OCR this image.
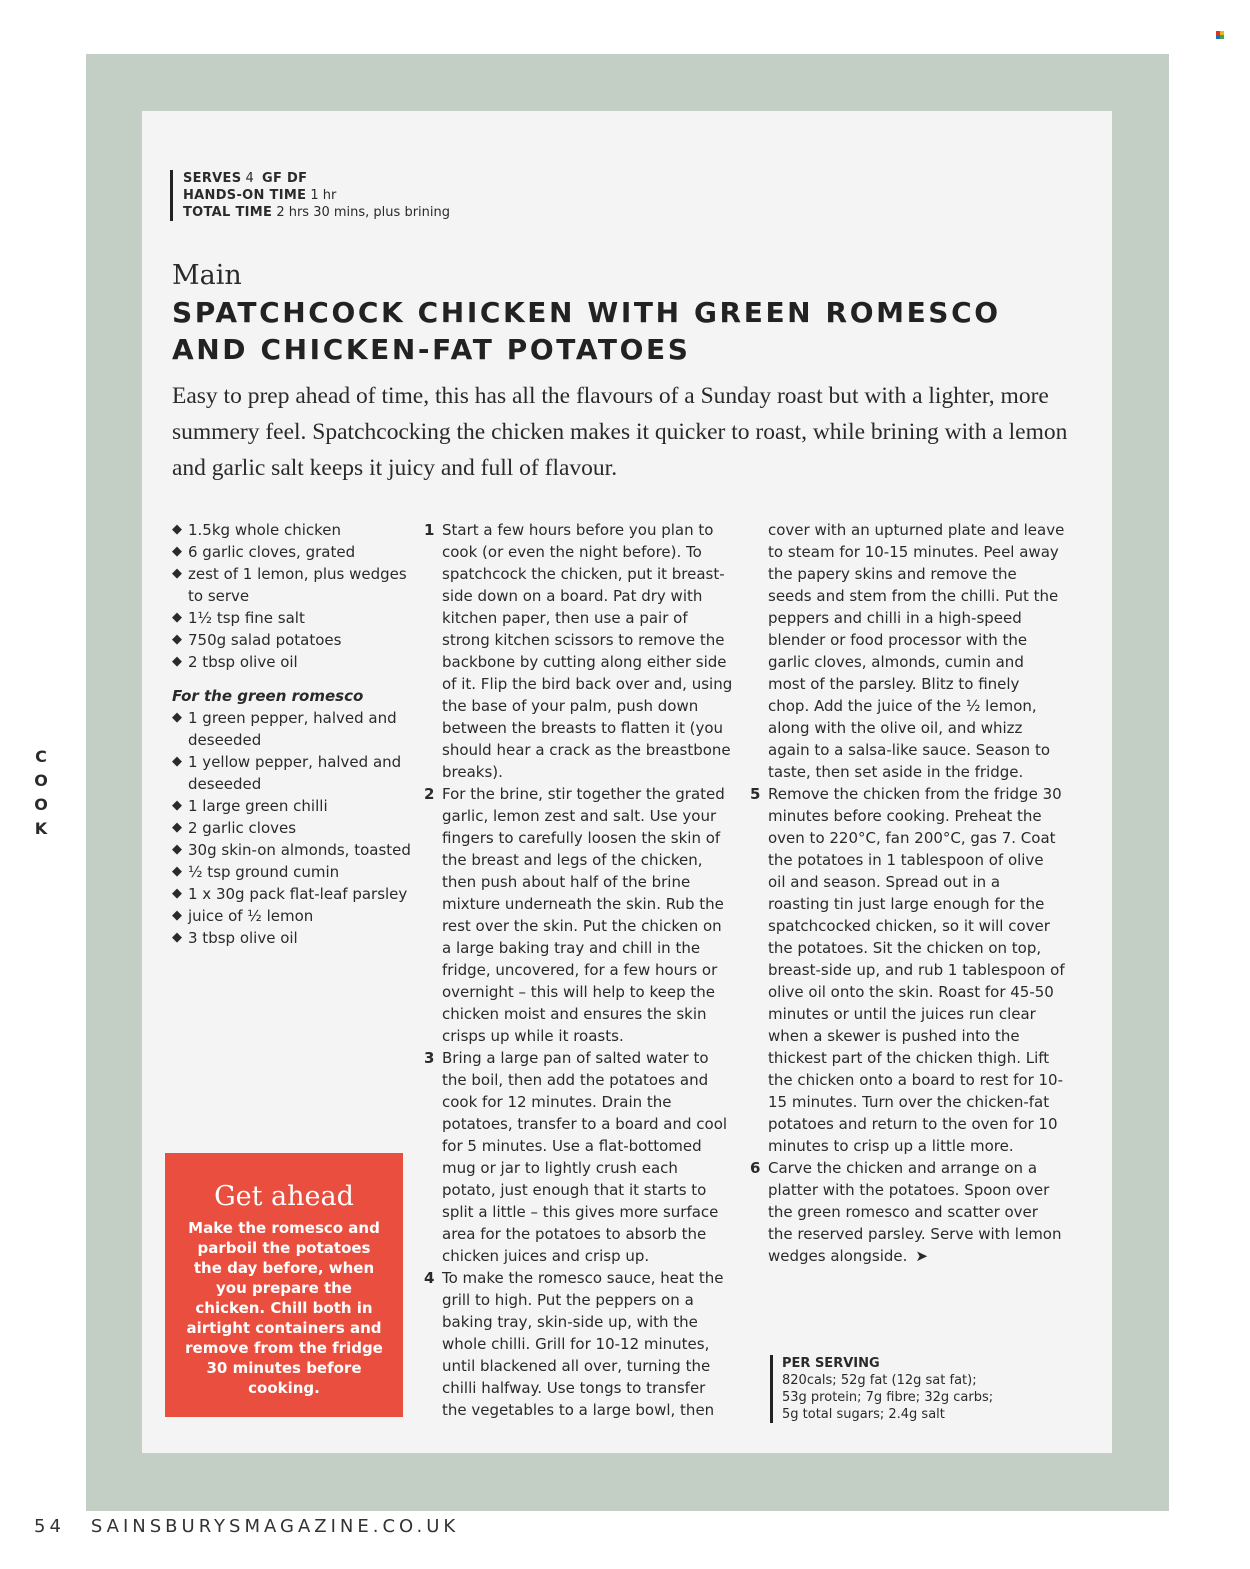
SERVES 4 GF DF
HANDS-ON TIME 1 hr
TOTAL TIME 2 hrs 30 mins, plus brining
Main
SPATCHCOCK CHICKEN WITH GREEN ROMESCO
AND CHICKEN-FAT POTATOES
Easy to prep ahead of time, this has all the flavours of a Sunday roast but with a lighter, more summery feel. Spatchcocking the chicken makes it quicker to roast, while brining with a lemon and garlic salt keeps it juicy and full of flavour.
◆ 1.5kg whole chicken
◆ 6 garlic cloves, grated
◆ zest of 1 lemon, plus wedges to serve
◆ 1½ tsp fine salt
◆ 750g salad potatoes
◆ 2 tbsp olive oil
For the green romesco
◆ 1 green pepper, halved and deseeded
◆ 1 yellow pepper, halved and deseeded
◆ 1 large green chilli
◆ 2 garlic cloves
◆ 30g skin-on almonds, toasted
◆ ½ tsp ground cumin
◆ 1 x 30g pack flat-leaf parsley
◆ juice of ½ lemon
◆ 3 tbsp olive oil
1 Start a few hours before you plan to cook (or even the night before). To spatchcock the chicken, put it breast-side down on a board. Pat dry with kitchen paper, then use a pair of strong kitchen scissors to remove the backbone by cutting along either side of it. Flip the bird back over and, using the base of your palm, push down between the breasts to flatten it (you should hear a crack as the breastbone breaks).
2 For the brine, stir together the grated garlic, lemon zest and salt. Use your fingers to carefully loosen the skin of the breast and legs of the chicken, then push about half of the brine mixture underneath the skin. Rub the rest over the skin. Put the chicken on a large baking tray and chill in the fridge, uncovered, for a few hours or overnight – this will help to keep the chicken moist and ensures the skin crisps up while it roasts.
3 Bring a large pan of salted water to the boil, then add the potatoes and cook for 12 minutes. Drain the potatoes, transfer to a board and cool for 5 minutes. Use a flat-bottomed mug or jar to lightly crush each potato, just enough that it starts to split a little – this gives more surface area for the potatoes to absorb the chicken juices and crisp up.
4 To make the romesco sauce, heat the grill to high. Put the peppers on a baking tray, skin-side up, with the whole chilli. Grill for 10-12 minutes, until blackened all over, turning the chilli halfway. Use tongs to transfer the vegetables to a large bowl, then
cover with an upturned plate and leave to steam for 10-15 minutes. Peel away the papery skins and remove the seeds and stem from the chilli. Put the peppers and chilli in a high-speed blender or food processor with the garlic cloves, almonds, cumin and most of the parsley. Blitz to finely chop. Add the juice of the ½ lemon, along with the olive oil, and whizz again to a salsa-like sauce. Season to taste, then set aside in the fridge.
5 Remove the chicken from the fridge 30 minutes before cooking. Preheat the oven to 220°C, fan 200°C, gas 7. Coat the potatoes in 1 tablespoon of olive oil and season. Spread out in a roasting tin just large enough for the spatchcocked chicken, so it will cover the potatoes. Sit the chicken on top, breast-side up, and rub 1 tablespoon of olive oil onto the skin. Roast for 45-50 minutes or until the juices run clear when a skewer is pushed into the thickest part of the chicken thigh. Lift the chicken onto a board to rest for 10-15 minutes. Turn over the chicken-fat potatoes and return to the oven for 10 minutes to crisp up a little more.
6 Carve the chicken and arrange on a platter with the potatoes. Spoon over the green romesco and scatter over the reserved parsley. Serve with lemon wedges alongside. ➤
Get ahead
Make the romesco and parboil the potatoes the day before, when you prepare the chicken. Chill both in airtight containers and remove from the fridge 30 minutes before cooking.
PER SERVING
820cals; 52g fat (12g sat fat);
53g protein; 7g fibre; 32g carbs;
5g total sugars; 2.4g salt
C
O
O
K
54 SAINSBURYSMAGAZINE.CO.UK
